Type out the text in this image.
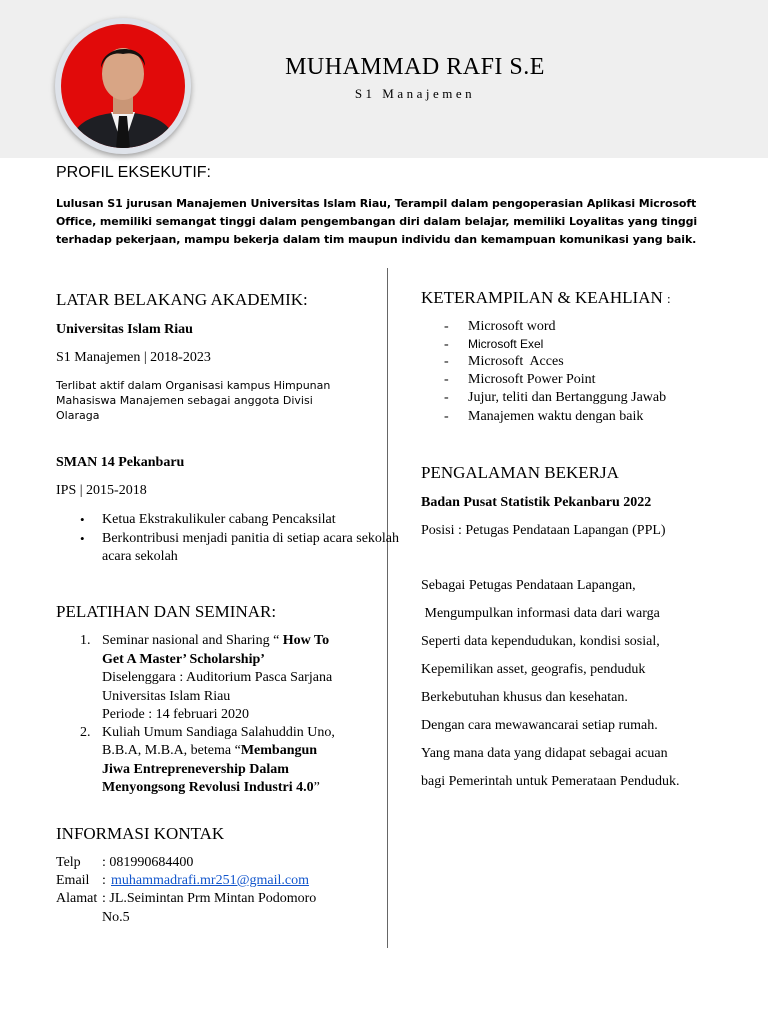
MUHAMMAD RAFI S.E
S1 Manajemen
PROFIL EKSEKUTIF:
Lulusan S1 jurusan Manajemen Universitas Islam Riau, Terampil dalam pengoperasian Aplikasi Microsoft Office, memiliki semangat tinggi dalam pengembangan diri dalam belajar, memiliki Loyalitas yang tinggi terhadap pekerjaan, mampu bekerja dalam tim maupun individu dan kemampuan komunikasi yang baik.
LATAR BELAKANG AKADEMIK:
Universitas Islam Riau
S1 Manajemen | 2018-2023
Terlibat aktif dalam Organisasi kampus Himpunan Mahasiswa Manajemen sebagai anggota Divisi Olaraga
SMAN 14 Pekanbaru
IPS | 2015-2018
• Ketua Ekstrakulikuler cabang Pencaksilat
• Berkontribusi menjadi panitia di setiap acara sekolah
acara sekolah
PELATIHAN DAN SEMINAR:
1. Seminar nasional and Sharing “ How To
Get A Master’ Scholarship’
Diselenggara : Auditorium Pasca Sarjana
Universitas Islam Riau
Periode : 14 februari 2020
2. Kuliah Umum Sandiaga Salahuddin Uno,
B.B.A, M.B.A, betema “Membangun
Jiwa Entreprenevership Dalam
Menyongsong Revolusi Industri 4.0”
INFORMASI KONTAK
Telp : 081990684400
Email : muhammadrafi.mr251@gmail.com
Alamat : JL.Seimintan Prm Mintan Podomoro
No.5
KETERAMPILAN & KEAHLIAN :
- Microsoft word
- Microsoft Exel
- Microsoft  Acces
- Microsoft Power Point
- Jujur, teliti dan Bertanggung Jawab
- Manajemen waktu dengan baik
PENGALAMAN BEKERJA
Badan Pusat Statistik Pekanbaru 2022
Posisi : Petugas Pendataan Lapangan (PPL)
Sebagai Petugas Pendataan Lapangan,
Mengumpulkan informasi data dari warga
Seperti data kependudukan, kondisi sosial,
Kepemilikan asset, geografis, penduduk
Berkebutuhan khusus dan kesehatan.
Dengan cara mewawancarai setiap rumah.
Yang mana data yang didapat sebagai acuan
bagi Pemerintah untuk Pemerataan Penduduk.
